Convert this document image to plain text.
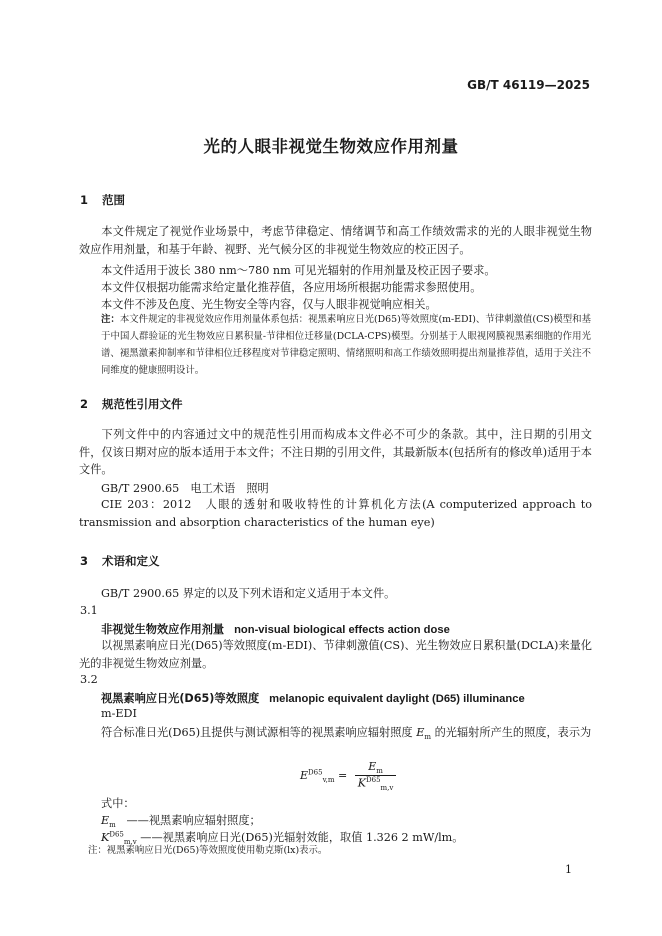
GB/T 46119—2025
光的人眼非视觉生物效应作用剂量
1 范围
本文件规定了视觉作业场景中，考虑节律稳定、情绪调节和高工作绩效需求的光的人眼非视觉生物效应作用剂量，和基于年龄、视野、光气候分区的非视觉生物效应的校正因子。
本文件适用于波长 380 nm～780 nm 可见光辐射的作用剂量及校正因子要求。
本文件仅根据功能需求给定量化推荐值，各应用场所根据功能需求参照使用。
本文件不涉及色度、光生物安全等内容，仅与人眼非视觉响应相关。
注：本文件规定的非视觉效应作用剂量体系包括：视黑素响应日光(D65)等效照度(m-EDI)、节律刺激值(CS)模型和基于中国人群验证的光生物效应日累积量-节律相位迁移量(DCLA-CPS)模型。分别基于人眼视网膜视黑素细胞的作用光谱、褪黑激素抑制率和节律相位迁移程度对节律稳定照明、情绪照明和高工作绩效照明提出剂量推荐值，适用于关注不同维度的健康照明设计。
2 规范性引用文件
下列文件中的内容通过文中的规范性引用而构成本文件必不可少的条款。其中，注日期的引用文件，仅该日期对应的版本适用于本文件；不注日期的引用文件，其最新版本(包括所有的修改单)适用于本文件。
GB/T 2900.65　电工术语　照明
CIE 203：2012　人眼的透射和吸收特性的计算机化方法(A computerized approach to transmission and absorption characteristics of the human eye)
3 术语和定义
GB/T 2900.65 界定的以及下列术语和定义适用于本文件。
3.1
非视觉生物效应作用剂量 non-visual biological effects action dose
以视黑素响应日光(D65)等效照度(m-EDI)、节律刺激值(CS)、光生物效应日累积量(DCLA)来量化光的非视觉生物效应剂量。
3.2
视黑素响应日光(D65)等效照度 melanopic equivalent daylight (D65) illuminance
m-EDI
符合标准日光(D65)且提供与测试源相等的视黑素响应辐射照度 $E_m$ 的光辐射所产生的照度，表示为
$E^{D65}_{v,m} = \frac{E_m}{K^{D65}_{m,v}}$
式中：
$E_m$ ——视黑素响应辐射照度；
$K^{D65}_{m,v}$ ——视黑素响应日光(D65)光辐射效能，取值 1.326 2 mW/lm。
注：视黑素响应日光(D65)等效照度使用勒克斯(lx)表示。
1
